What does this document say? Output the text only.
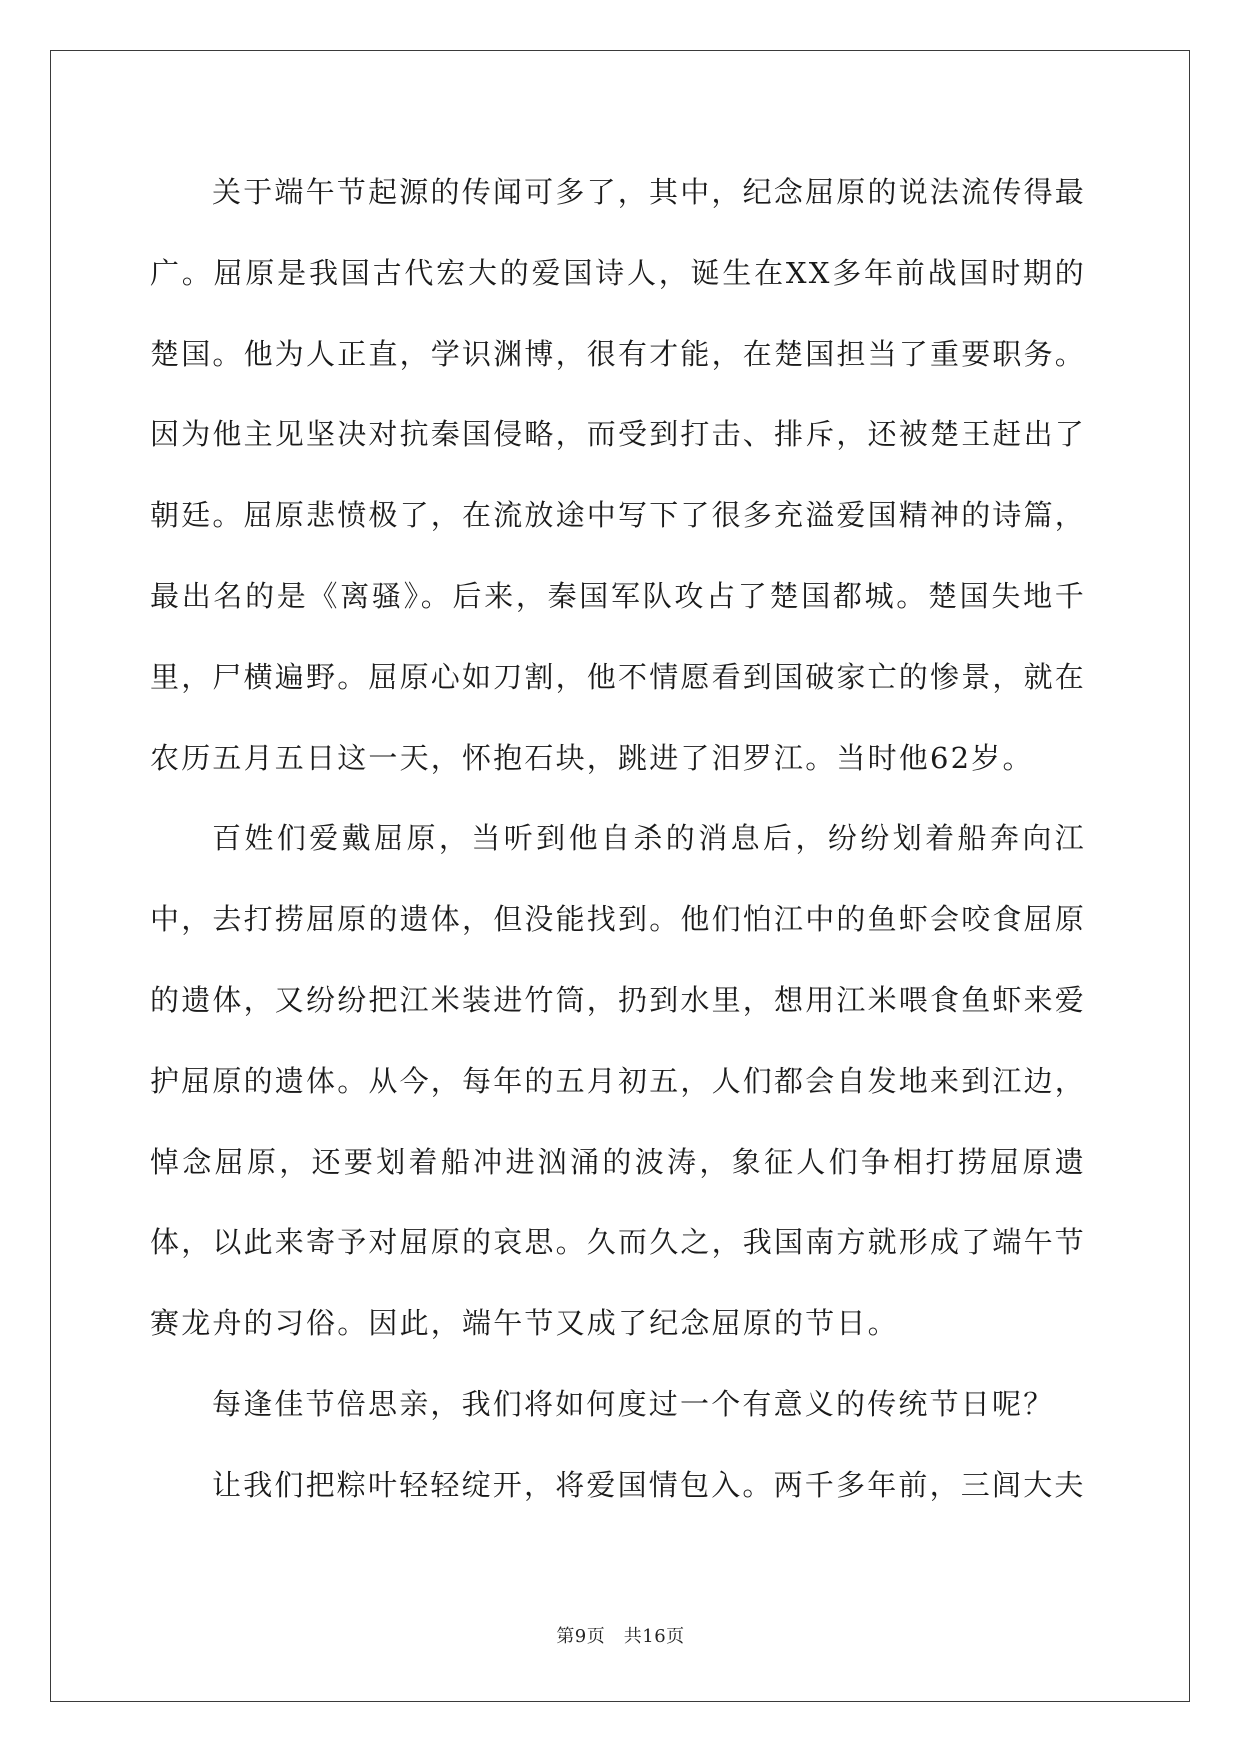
关于端午节起源的传闻可多了，其中，纪念屈原的说法流传得最广。屈原是我国古代宏大的爱国诗人，诞生在XX多年前战国时期的楚国。他为人正直，学识渊博，很有才能，在楚国担当了重要职务。因为他主见坚决对抗秦国侵略，而受到打击、排斥，还被楚王赶出了朝廷。屈原悲愤极了，在流放途中写下了很多充溢爱国精神的诗篇，最出名的是《离骚》。后来，秦国军队攻占了楚国都城。楚国失地千里，尸横遍野。屈原心如刀割，他不情愿看到国破家亡的惨景，就在农历五月五日这一天，怀抱石块，跳进了汨罗江。当时他62岁。

百姓们爱戴屈原，当听到他自杀的消息后，纷纷划着船奔向江中，去打捞屈原的遗体，但没能找到。他们怕江中的鱼虾会咬食屈原的遗体，又纷纷把江米装进竹筒，扔到水里，想用江米喂食鱼虾来爱护屈原的遗体。从今，每年的五月初五，人们都会自发地来到江边，悼念屈原，还要划着船冲进汹涌的波涛，象征人们争相打捞屈原遗体，以此来寄予对屈原的哀思。久而久之，我国南方就形成了端午节赛龙舟的习俗。因此，端午节又成了纪念屈原的节日。

每逢佳节倍思亲，我们将如何度过一个有意义的传统节日呢？

让我们把粽叶轻轻绽开，将爱国情包入。两千多年前，三闾大夫

第9页　共16页
